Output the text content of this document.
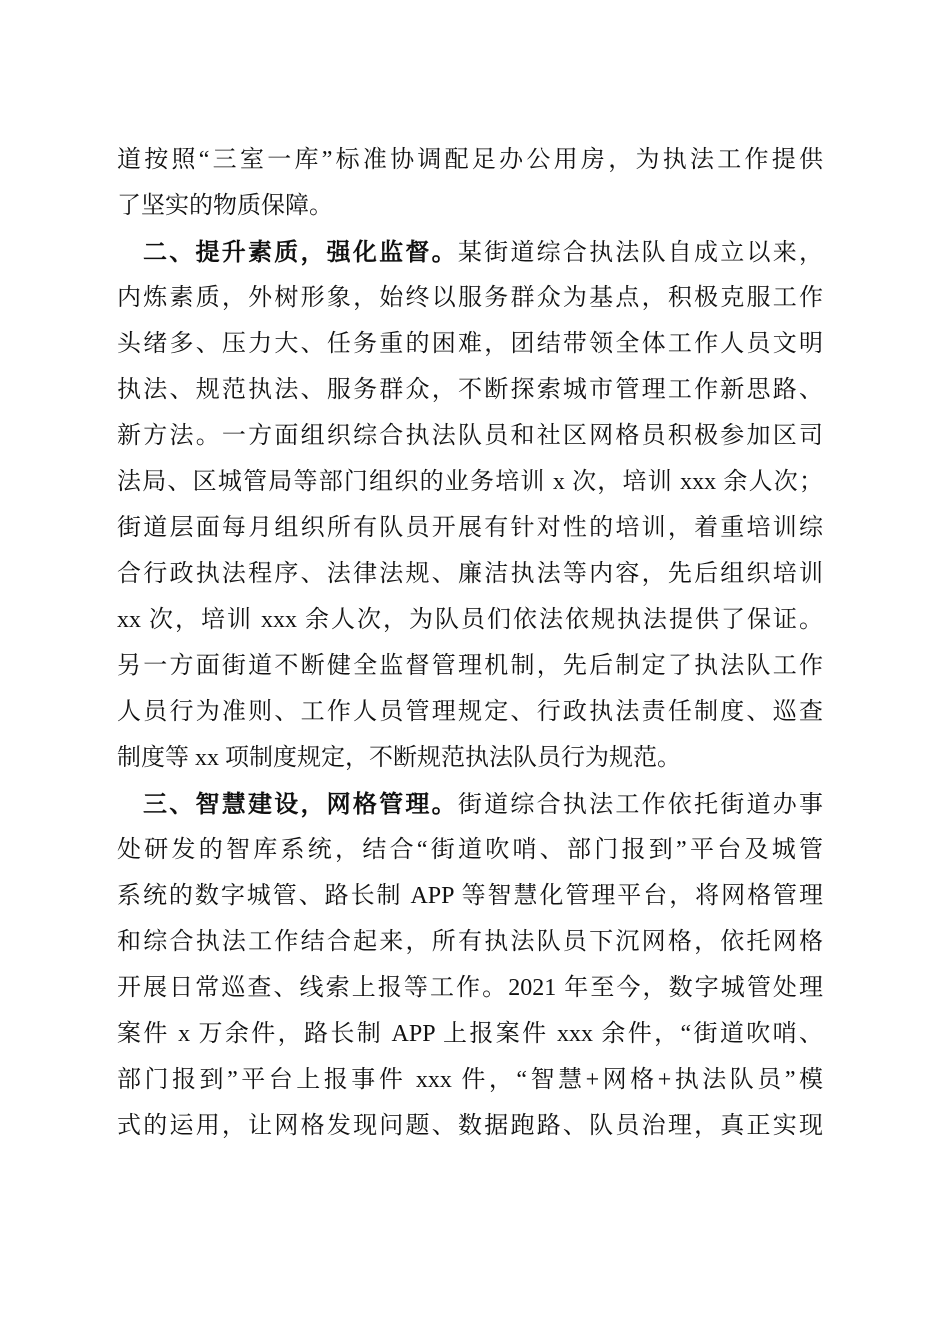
道按照“三室一库”标准协调配足办公用房，为执法工作提供
了坚实的物质保障。
二、提升素质，强化监督。某街道综合执法队自成立以来，
内炼素质，外树形象，始终以服务群众为基点，积极克服工作
头绪多、压力大、任务重的困难，团结带领全体工作人员文明
执法、规范执法、服务群众，不断探索城市管理工作新思路、
新方法。一方面组织综合执法队员和社区网格员积极参加区司
法局、区城管局等部门组织的业务培训 x 次，培训 xxx 余人次；
街道层面每月组织所有队员开展有针对性的培训，着重培训综
合行政执法程序、法律法规、廉洁执法等内容，先后组织培训
xx 次，培训 xxx 余人次，为队员们依法依规执法提供了保证。
另一方面街道不断健全监督管理机制，先后制定了执法队工作
人员行为准则、工作人员管理规定、行政执法责任制度、巡查
制度等 xx 项制度规定，不断规范执法队员行为规范。
三、智慧建设，网格管理。街道综合执法工作依托街道办事
处研发的智库系统，结合“街道吹哨、部门报到”平台及城管
系统的数字城管、路长制 APP 等智慧化管理平台，将网格管理
和综合执法工作结合起来，所有执法队员下沉网格，依托网格
开展日常巡查、线索上报等工作。2021 年至今，数字城管处理
案件 x 万余件，路长制 APP 上报案件 xxx 余件，“街道吹哨、
部门报到”平台上报事件 xxx 件，“智慧+网格+执法队员”模
式的运用，让网格发现问题、数据跑路、队员治理，真正实现
